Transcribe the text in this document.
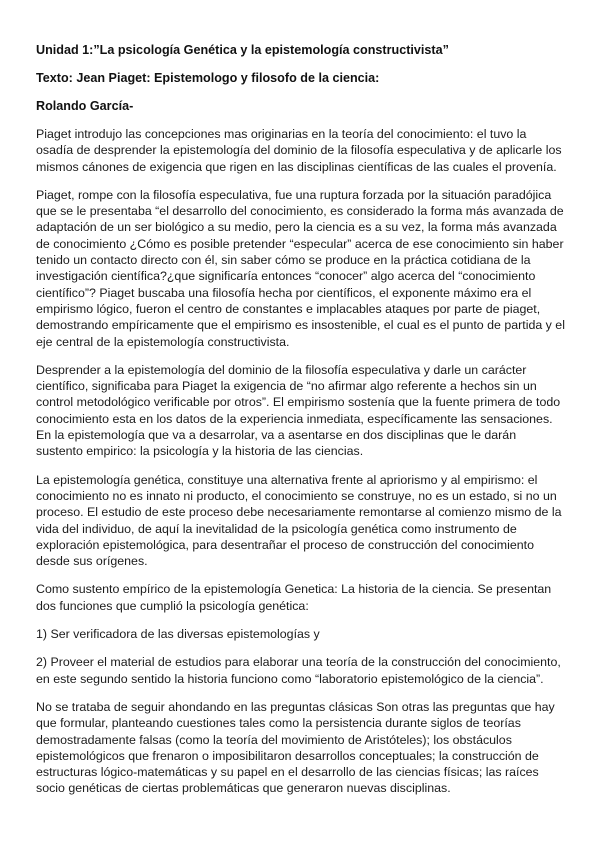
Unidad 1:”La psicología Genética y la epistemología constructivista”
Texto: Jean Piaget: Epistemologo y filosofo de la ciencia:
Rolando García-

Piaget introdujo las concepciones mas originarias en la teoría del conocimiento: el tuvo la osadía de desprender la epistemología del dominio de la filosofía especulativa y de aplicarle los mismos cánones de exigencia que rigen en las disciplinas científicas de las cuales el provenía.

Piaget, rompe con la filosofía especulativa, fue una ruptura forzada por la situación paradójica que se le presentaba “el desarrollo del conocimiento, es considerado la forma más avanzada de adaptación de un ser biológico a su medio, pero la ciencia es a su vez, la forma más avanzada de conocimiento ¿Cómo es posible pretender “especular” acerca de ese conocimiento sin haber tenido un contacto directo con él, sin saber cómo se produce en la práctica cotidiana de la investigación científica?¿que significaría entonces “conocer” algo acerca del “conocimiento científico”? Piaget buscaba una filosofía hecha por científicos, el exponente máximo era el empirismo lógico, fueron el centro de constantes e implacables ataques por parte de piaget, demostrando empíricamente que el empirismo es insostenible, el cual es el punto de partida y el eje central de la epistemología constructivista.

Desprender a la epistemología del dominio de la filosofía especulativa y darle un carácter científico, significaba para Piaget la exigencia de “no afirmar algo referente a hechos sin un control metodológico verificable por otros”. El empirismo sostenía que la fuente primera de todo conocimiento esta en los datos de la experiencia inmediata, específicamente las sensaciones. En la epistemología que va a desarrolar, va a asentarse en dos disciplinas que le darán sustento empirico: la psicología y la historia de las ciencias.

La epistemología genética, constituye una alternativa frente al apriorismo y al empirismo: el conocimiento no es innato ni producto, el conocimiento se construye, no es un estado, si no un proceso. El estudio de este proceso debe necesariamente remontarse al comienzo mismo de la vida del individuo, de aquí la inevitalidad de la psicología genética como instrumento de exploración epistemológica, para desentrañar el proceso de construcción del conocimiento desde sus orígenes.

Como sustento empírico de la epistemología Genetica: La historia de la ciencia. Se presentan dos funciones que cumplió la psicología genética:

1) Ser verificadora de las diversas epistemologías y

2) Proveer el material de estudios para elaborar una teoría de la construcción del conocimiento, en este segundo sentido la historia funciono como “laboratorio epistemológico de la ciencia”.

No se trataba de seguir ahondando en las preguntas clásicas Son otras las preguntas que hay que formular, planteando cuestiones tales como la persistencia durante siglos de teorías demostradamente falsas (como la teoría del movimiento de Aristóteles); los obstáculos epistemológicos que frenaron o imposibilitaron desarrollos conceptuales; la construcción de estructuras lógico-matemáticas y su papel en el desarrollo de las ciencias físicas; las raíces socio genéticas de ciertas problemáticas que generaron nuevas disciplinas.
